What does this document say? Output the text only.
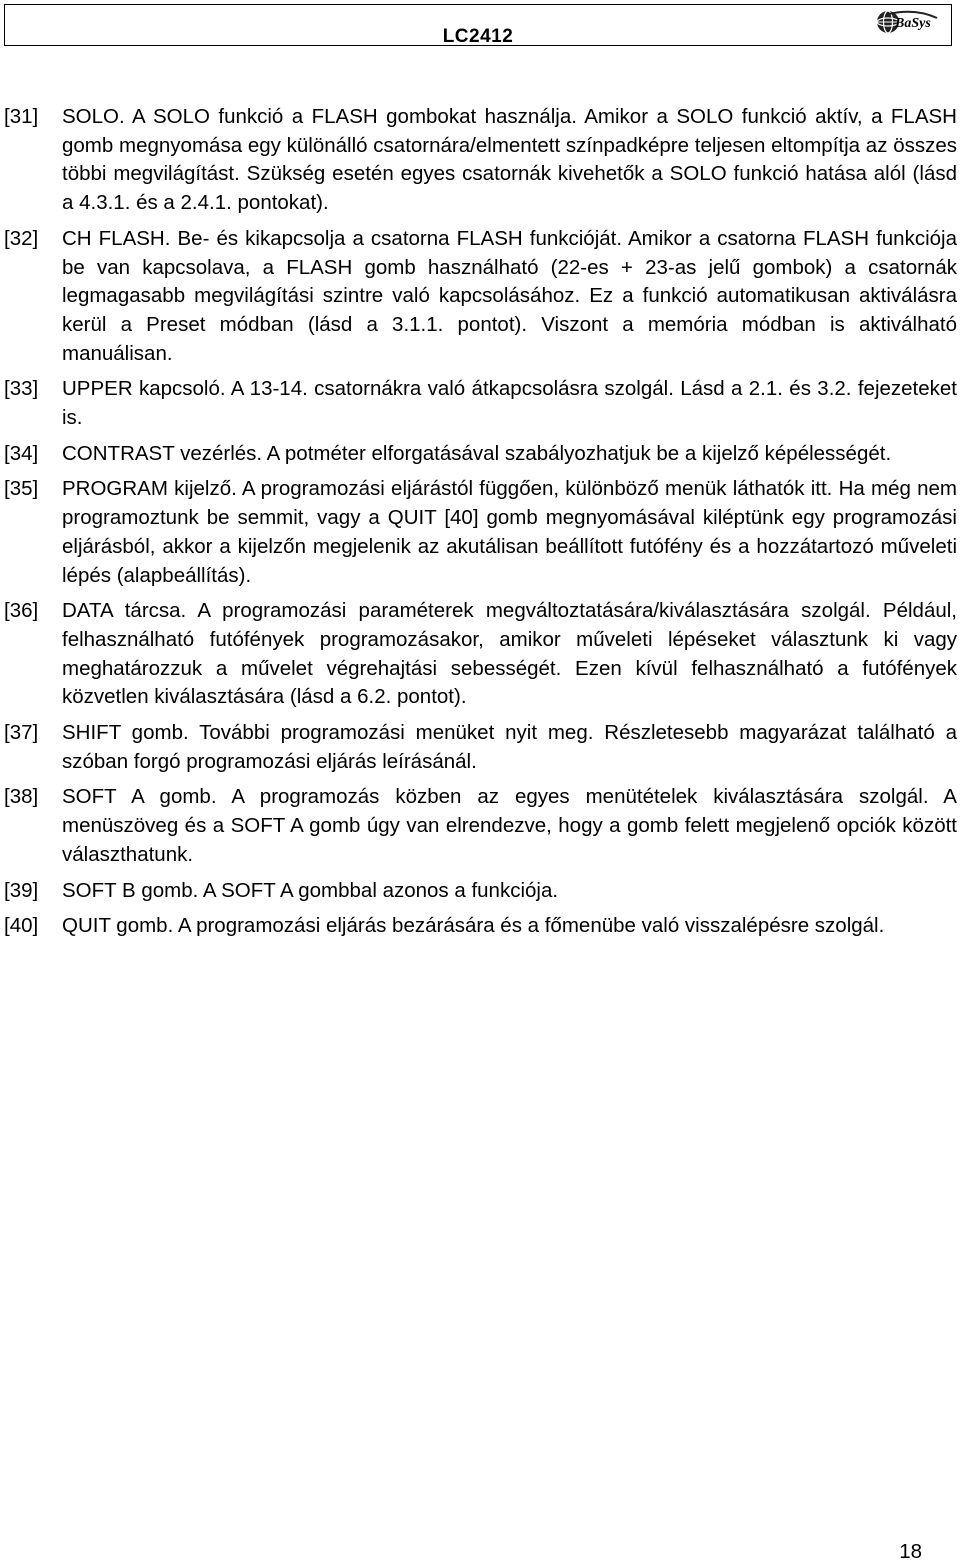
LC2412
BaSys
[31]	SOLO. A SOLO funkció a FLASH gombokat használja. Amikor a SOLO funkció aktív, a FLASH gomb megnyomása egy különálló csatornára/elmentett színpadképre teljesen eltompítja az összes többi megvilágítást. Szükség esetén egyes csatornák kivehetők a SOLO funkció hatása alól (lásd a 4.3.1. és a 2.4.1. pontokat).
[32]	CH FLASH. Be- és kikapcsolja a csatorna FLASH funkcióját. Amikor a csatorna FLASH funkciója be van kapcsolava, a FLASH gomb használható (22-es + 23-as jelű gombok) a csatornák legmagasabb megvilágítási szintre való kapcsolásához. Ez a funkció automatikusan aktiválásra kerül a Preset módban (lásd a 3.1.1. pontot). Viszont a memória módban is aktiválható manuálisan.
[33]	UPPER kapcsoló. A 13-14. csatornákra való átkapcsolásra szolgál. Lásd a 2.1. és 3.2. fejezeteket is.
[34]	CONTRAST vezérlés. A potméter elforgatásával szabályozhatjuk be a kijelző képélességét.
[35]	PROGRAM kijelző. A programozási eljárástól függően, különböző menük láthatók itt. Ha még nem programoztunk be semmit, vagy a QUIT [40] gomb megnyomásával kiléptünk egy programozási eljárásból, akkor a kijelzőn megjelenik az akutálisan beállított futófény és a hozzátartozó műveleti lépés (alapbeállítás).
[36]	DATA tárcsa. A programozási paraméterek megváltoztatására/kiválasztására szolgál. Például, felhasználható futófények programozásakor, amikor műveleti lépéseket választunk ki vagy meghatározzuk a művelet végrehajtási sebességét. Ezen kívül felhasználható a futófények közvetlen kiválasztására (lásd a 6.2. pontot).
[37]	SHIFT gomb. További programozási menüket nyit meg. Részletesebb magyarázat található a szóban forgó programozási eljárás leírásánál.
[38]	SOFT A gomb. A programozás közben az egyes menütételek kiválasztására szolgál. A menüszöveg és a SOFT A gomb úgy van elrendezve, hogy a gomb felett megjelenő opciók között választhatunk.
[39]	SOFT B gomb. A SOFT A gombbal azonos a funkciója.
[40]	QUIT gomb. A programozási eljárás bezárására és a főmenübe való visszalépésre szolgál.
18
